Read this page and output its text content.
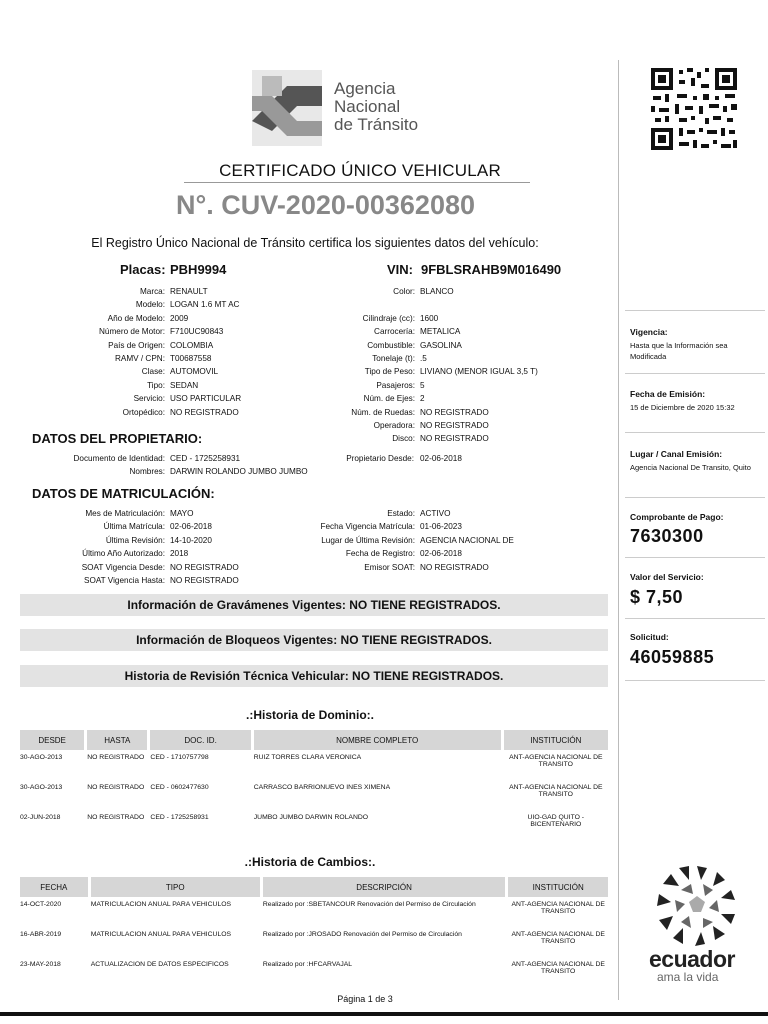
Agencia
Nacional
de Tránsito
CERTIFICADO ÚNICO VEHICULAR
N°. CUV-2020-00362080
El Registro Único Nacional de Tránsito certifica los siguientes datos del vehículo:
Placas: PBH9994	VIN: 9FBLSRAHB9M016490
Marca: RENAULT
Modelo: LOGAN 1.6 MT AC
Año de Modelo: 2009
Número de Motor: F710UC90843
País de Origen: COLOMBIA
RAMV / CPN: T00687558
Clase: AUTOMOVIL
Tipo: SEDAN
Servicio: USO PARTICULAR
Ortopédico: NO REGISTRADO
Color: BLANCO
Cilindraje (cc): 1600
Carrocería: METALICA
Combustible: GASOLINA
Tonelaje (t): .5
Tipo de Peso: LIVIANO (MENOR IGUAL 3,5 T)
Pasajeros: 5
Núm. de Ejes: 2
Núm. de Ruedas: NO REGISTRADO
Operadora: NO REGISTRADO
Disco: NO REGISTRADO
DATOS DEL PROPIETARIO:
Documento de Identidad: CED - 1725258931
Nombres: DARWIN ROLANDO JUMBO JUMBO
Propietario Desde: 02-06-2018
DATOS DE MATRICULACIÓN:
Mes de Matriculación: MAYO
Última Matrícula: 02-06-2018
Última Revisión: 14-10-2020
Último Año Autorizado: 2018
SOAT Vigencia Desde: NO REGISTRADO
SOAT Vigencia Hasta: NO REGISTRADO
Estado: ACTIVO
Fecha Vigencia Matrícula: 01-06-2023
Lugar de Última Revisión: AGENCIA NACIONAL DE
Fecha de Registro: 02-06-2018
Emisor SOAT: NO REGISTRADO
Información de Gravámenes Vigentes: NO TIENE REGISTRADOS.
Información de Bloqueos Vigentes: NO TIENE REGISTRADOS.
Historia de Revisión Técnica Vehicular: NO TIENE REGISTRADOS.
.:Historia de Dominio:.
DESDE	HASTA	DOC. ID.	NOMBRE COMPLETO	INSTITUCIÓN
30-AGO-2013	NO REGISTRADO	CED - 1710757798	RUIZ TORRES CLARA VERONICA	ANT-AGENCIA NACIONAL DE TRANSITO
30-AGO-2013	NO REGISTRADO	CED - 0602477630	CARRASCO BARRIONUEVO INES XIMENA	ANT-AGENCIA NACIONAL DE TRANSITO
02-JUN-2018	NO REGISTRADO	CED - 1725258931	JUMBO JUMBO DARWIN ROLANDO	UIO-GAD QUITO - BICENTENARIO
.:Historia de Cambios:.
FECHA	TIPO	DESCRIPCIÓN	INSTITUCIÓN
14-OCT-2020	MATRICULACION ANUAL PARA VEHICULOS	Realizado por :SBETANCOUR Renovación del Permiso de Circulación	ANT-AGENCIA NACIONAL DE TRANSITO
16-ABR-2019	MATRICULACION ANUAL PARA VEHICULOS	Realizado por :JROSADO Renovación del Permiso de Circulación	ANT-AGENCIA NACIONAL DE TRANSITO
23-MAY-2018	ACTUALIZACION DE DATOS ESPECIFICOS	Realizado por :HFCARVAJAL	ANT-AGENCIA NACIONAL DE TRANSITO
Vigencia:
Hasta que la Información sea Modificada
Fecha de Emisión:
15 de Diciembre de 2020 15:32
Lugar / Canal Emisión:
Agencia Nacional De Transito, Quito
Comprobante de Pago:
7630300
Valor del Servicio:
$ 7,50
Solicitud:
46059885
ecuador
ama la vida
Página 1 de 3
